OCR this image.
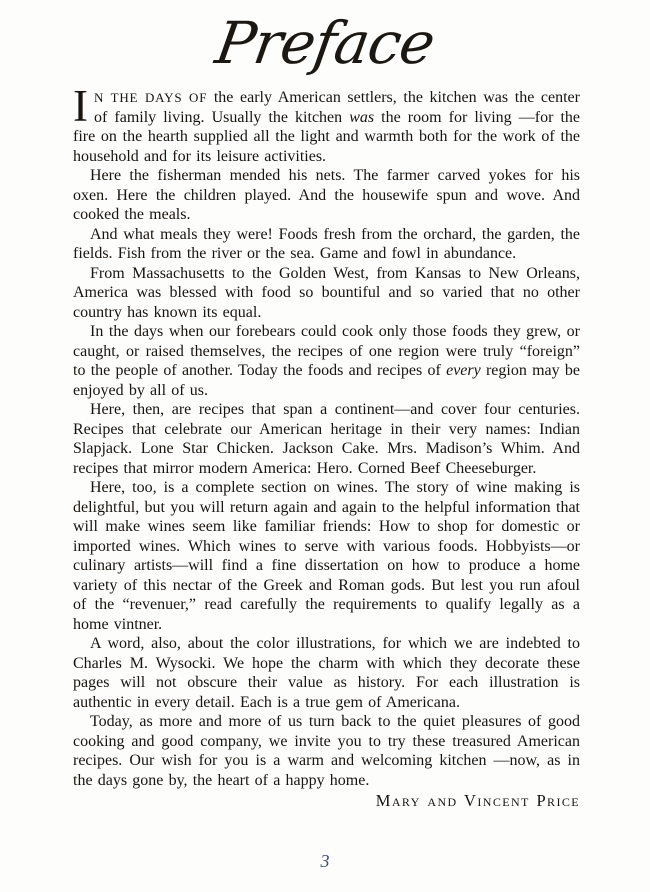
Preface

IN THE DAYS OF the early American settlers, the kitchen was the center of family living. Usually the kitchen was the room for living —for the fire on the hearth supplied all the light and warmth both for the work of the household and for its leisure activities.

Here the fisherman mended his nets. The farmer carved yokes for his oxen. Here the children played. And the housewife spun and wove. And cooked the meals.

And what meals they were! Foods fresh from the orchard, the garden, the fields. Fish from the river or the sea. Game and fowl in abundance.

From Massachusetts to the Golden West, from Kansas to New Orleans, America was blessed with food so bountiful and so varied that no other country has known its equal.

In the days when our forebears could cook only those foods they grew, or caught, or raised themselves, the recipes of one region were truly “foreign” to the people of another. Today the foods and recipes of every region may be enjoyed by all of us.

Here, then, are recipes that span a continent—and cover four centuries. Recipes that celebrate our American heritage in their very names: Indian Slapjack. Lone Star Chicken. Jackson Cake. Mrs. Madison’s Whim. And recipes that mirror modern America: Hero. Corned Beef Cheeseburger.

Here, too, is a complete section on wines. The story of wine making is delightful, but you will return again and again to the helpful information that will make wines seem like familiar friends: How to shop for domestic or imported wines. Which wines to serve with various foods. Hobbyists—or culinary artists—will find a fine dissertation on how to produce a home variety of this nectar of the Greek and Roman gods. But lest you run afoul of the “revenuer,” read carefully the requirements to qualify legally as a home vintner.

A word, also, about the color illustrations, for which we are indebted to Charles M. Wysocki. We hope the charm with which they decorate these pages will not obscure their value as history. For each illustration is authentic in every detail. Each is a true gem of Americana.

Today, as more and more of us turn back to the quiet pleasures of good cooking and good company, we invite you to try these treasured American recipes. Our wish for you is a warm and welcoming kitchen —now, as in the days gone by, the heart of a happy home.

Mary and Vincent Price
3
